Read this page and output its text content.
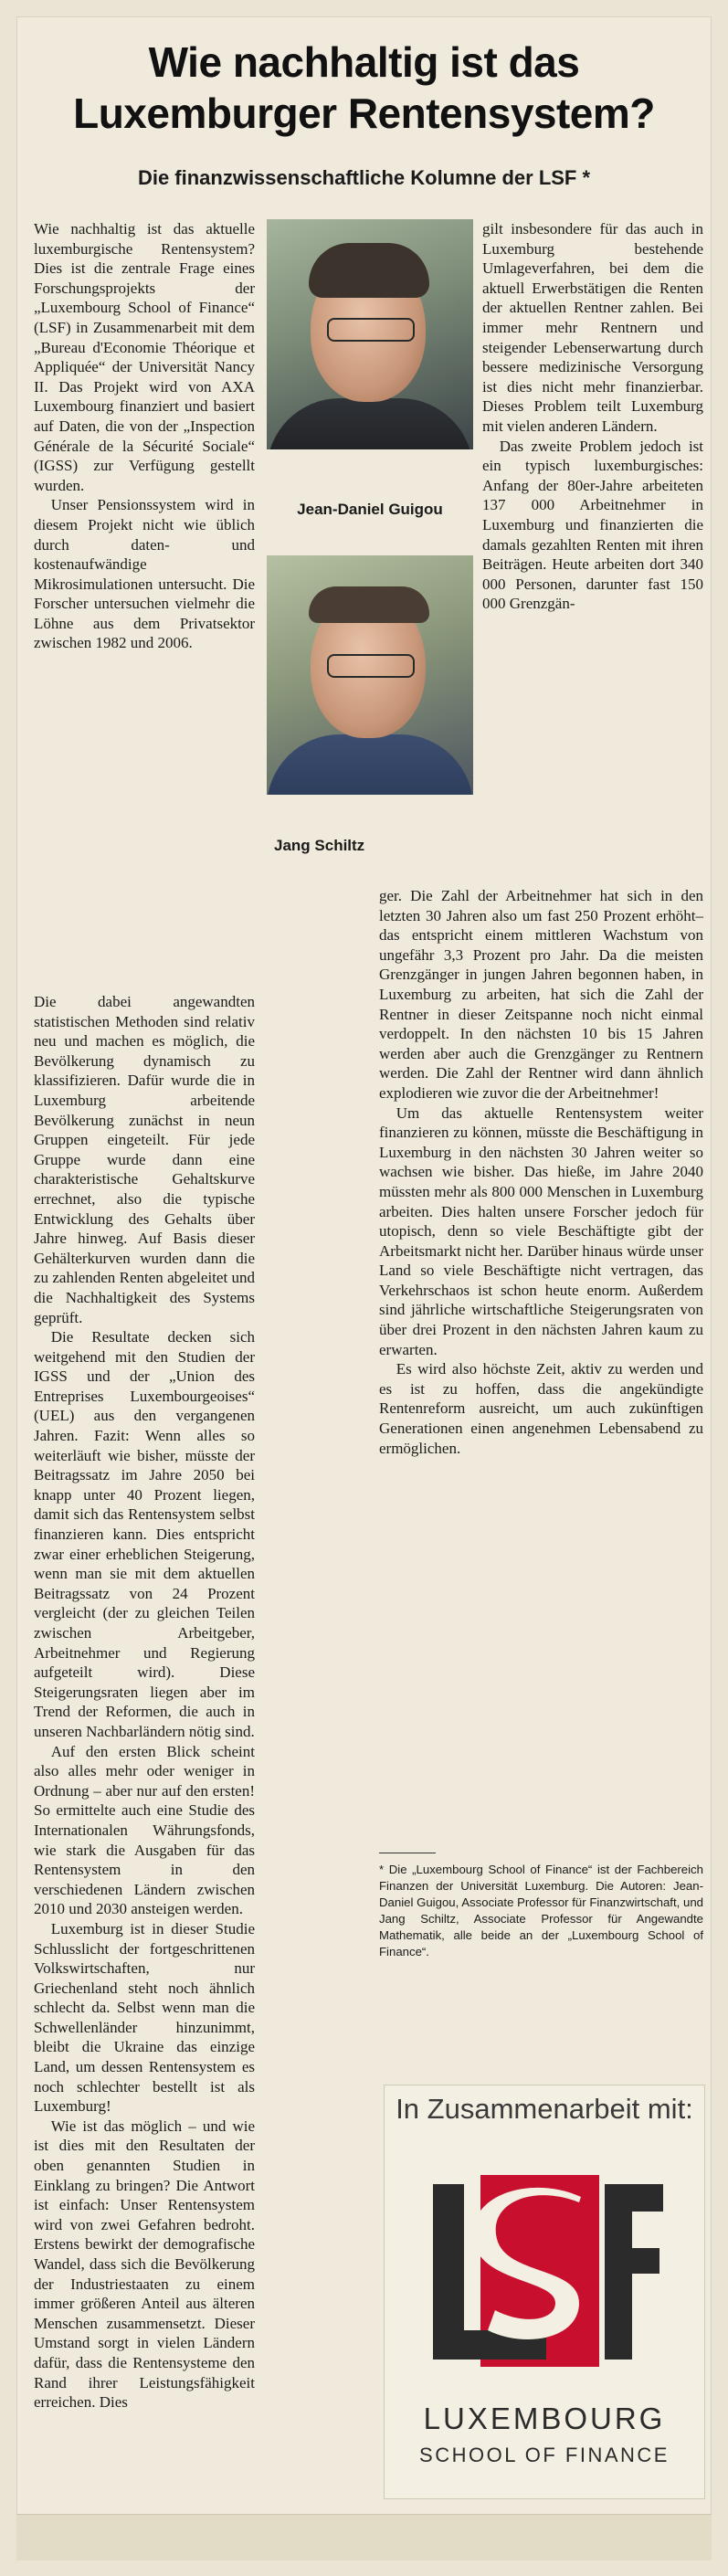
Wie nachhaltig ist das Luxemburger Rentensystem?
Die finanzwissenschaftliche Kolumne der LSF *

Wie nachhaltig ist das aktuelle luxemburgische Rentensystem? Dies ist die zentrale Frage eines Forschungsprojekts der „Luxembourg School of Finance“ (LSF) in Zusammenarbeit mit dem „Bureau d'Economie Théorique et Appliquée“ der Universität Nancy II. Das Projekt wird von AXA Luxembourg finanziert und basiert auf Daten, die von der „Inspection Générale de la Sécurité Sociale“ (IGSS) zur Verfügung gestellt wurden.

Unser Pensionssystem wird in diesem Projekt nicht wie üblich durch daten- und kostenaufwändige Mikrosimulationen untersucht. Die Forscher untersuchen vielmehr die Löhne aus dem Privatsektor zwischen 1982 und 2006.

Die dabei angewandten statistischen Methoden sind relativ neu und machen es möglich, die Bevölkerung dynamisch zu klassifizieren. Dafür wurde die in Luxemburg arbeitende Bevölkerung zunächst in neun Gruppen eingeteilt. Für jede Gruppe wurde dann eine charakteristische Gehaltskurve errechnet, also die typische Entwicklung des Gehalts über Jahre hinweg. Auf Basis dieser Gehälterkurven wurden dann die zu zahlenden Renten abgeleitet und die Nachhaltigkeit des Systems geprüft.

Die Resultate decken sich weitgehend mit den Studien der IGSS und der „Union des Entreprises Luxembourgeoises“ (UEL) aus den vergangenen Jahren. Fazit: Wenn alles so weiterläuft wie bisher, müsste der Beitragssatz im Jahre 2050 bei knapp unter 40 Prozent liegen, damit sich das Rentensystem selbst finanzieren kann. Dies entspricht zwar einer erheblichen Steigerung, wenn man sie mit dem aktuellen Beitragssatz von 24 Prozent vergleicht (der zu gleichen Teilen zwischen Arbeitgeber, Arbeitnehmer und Regierung aufgeteilt wird). Diese Steigerungsraten liegen aber im Trend der Reformen, die auch in unseren Nachbarländern nötig sind.

Auf den ersten Blick scheint also alles mehr oder weniger in Ordnung – aber nur auf den ersten! So ermittelte auch eine Studie des Internationalen Währungsfonds, wie stark die Ausgaben für das Rentensystem in den verschiedenen Ländern zwischen 2010 und 2030 ansteigen werden.

Luxemburg ist in dieser Studie Schlusslicht der fortgeschrittenen Volkswirtschaften, nur Griechenland steht noch ähnlich schlecht da. Selbst wenn man die Schwellenländer hinzunimmt, bleibt die Ukraine das einzige Land, um dessen Rentensystem es noch schlechter bestellt ist als Luxemburg!

Wie ist das möglich – und wie ist dies mit den Resultaten der oben genannten Studien in Einklang zu bringen? Die Antwort ist einfach: Unser Rentensystem wird von zwei Gefahren bedroht. Erstens bewirkt der demografische Wandel, dass sich die Bevölkerung der Industriestaaten zu einem immer größeren Anteil aus älteren Menschen zusammensetzt. Dieser Umstand sorgt in vielen Ländern dafür, dass die Rentensysteme den Rand ihrer Leistungsfähigkeit erreichen. Dies

Jean-Daniel Guigou
Jang Schiltz

gilt insbesondere für das auch in Luxemburg bestehende Umlageverfahren, bei dem die aktuell Erwerbstätigen die Renten der aktuellen Rentner zahlen. Bei immer mehr Rentnern und steigender Lebenserwartung durch bessere medizinische Versorgung ist dies nicht mehr finanzierbar. Dieses Problem teilt Luxemburg mit vielen anderen Ländern.

Das zweite Problem jedoch ist ein typisch luxemburgisches: Anfang der 80er-Jahre arbeiteten 137 000 Arbeitnehmer in Luxemburg und finanzierten die damals gezahlten Renten mit ihren Beiträgen. Heute arbeiten dort 340 000 Personen, darunter fast 150 000 Grenzgän-

ger. Die Zahl der Arbeitnehmer hat sich in den letzten 30 Jahren also um fast 250 Prozent erhöht– das entspricht einem mittleren Wachstum von ungefähr 3,3 Prozent pro Jahr. Da die meisten Grenzgänger in jungen Jahren begonnen haben, in Luxemburg zu arbeiten, hat sich die Zahl der Rentner in dieser Zeitspanne noch nicht einmal verdoppelt. In den nächsten 10 bis 15 Jahren werden aber auch die Grenzgänger zu Rentnern werden. Die Zahl der Rentner wird dann ähnlich explodieren wie zuvor die der Arbeitnehmer!

Um das aktuelle Rentensystem weiter finanzieren zu können, müsste die Beschäftigung in Luxemburg in den nächsten 30 Jahren weiter so wachsen wie bisher. Das hieße, im Jahre 2040 müssten mehr als 800 000 Menschen in Luxemburg arbeiten. Dies halten unsere Forscher jedoch für utopisch, denn so viele Beschäftigte gibt der Arbeitsmarkt nicht her. Darüber hinaus würde unser Land so viele Beschäftigte nicht vertragen, das Verkehrschaos ist schon heute enorm. Außerdem sind jährliche wirtschaftliche Steigerungsraten von über drei Prozent in den nächsten Jahren kaum zu erwarten.

Es wird also höchste Zeit, aktiv zu werden und es ist zu hoffen, dass die angekündigte Rentenreform ausreicht, um auch zukünftigen Generationen einen angenehmen Lebensabend zu ermöglichen.

* Die „Luxembourg School of Finance“ ist der Fachbereich Finanzen der Universität Luxemburg. Die Autoren: Jean-Daniel Guigou, Associate Professor für Finanzwirtschaft, und Jang Schiltz, Associate Professor für Angewandte Mathematik, alle beide an der „Luxembourg School of Finance“.
In Zusammenarbeit mit:
LUXEMBOURG
SCHOOL OF FINANCE
